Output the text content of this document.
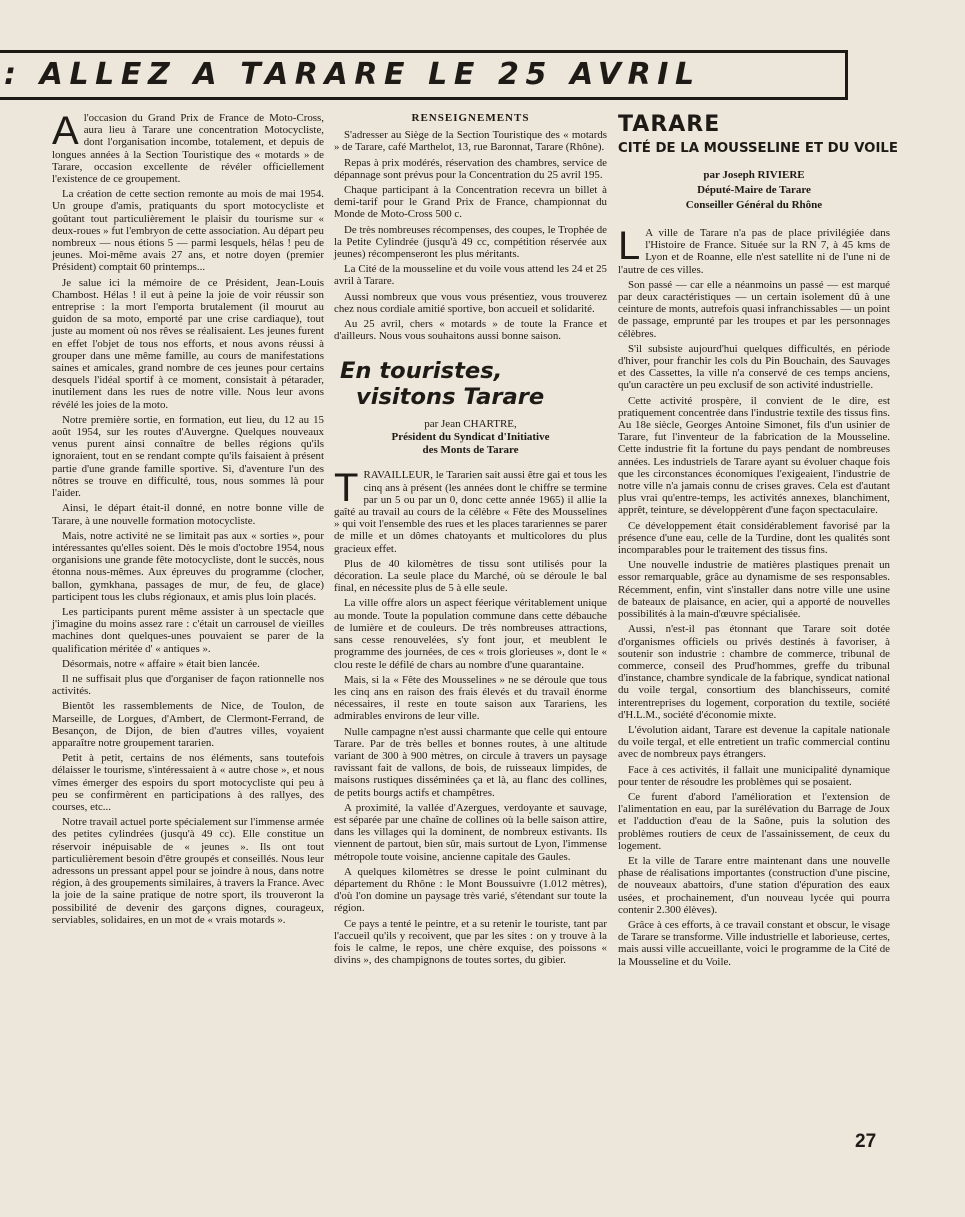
: ALLEZ A TARARE LE 25 AVRIL

Al'occasion du Grand Prix de France de Moto-Cross, aura lieu à Tarare une concentration Motocycliste, dont l'organisation incombe, totalement, et depuis de longues années à la Section Touristique des « motards » de Tarare, occasion excellente de révéler officiellement l'existence de ce groupement.

La création de cette section remonte au mois de mai 1954. Un groupe d'amis, pratiquants du sport motocycliste et goûtant tout particulièrement le plaisir du tourisme sur « deux-roues » fut l'embryon de cette association. Au départ peu nombreux — nous étions 5 — parmi lesquels, hélas ! peu de jeunes. Moi-même avais 27 ans, et notre doyen (premier Président) comptait 60 printemps...

Je salue ici la mémoire de ce Président, Jean-Louis Chambost. Hélas ! il eut à peine la joie de voir réussir son entreprise : la mort l'emporta brutalement (il mourut au guidon de sa moto, emporté par une crise cardiaque), tout juste au moment où nos rêves se réalisaient. Les jeunes furent en effet l'objet de tous nos efforts, et nous avons réussi à grouper dans une même famille, au cours de manifestations saines et amicales, grand nombre de ces jeunes pour certains desquels l'idéal sportif à ce moment, consistait à pétarader, inutilement dans les rues de notre ville. Nous leur avons révélé les joies de la moto.

Notre première sortie, en formation, eut lieu, du 12 au 15 août 1954, sur les routes d'Auvergne. Quelques nouveaux venus purent ainsi connaître de belles régions qu'ils ignoraient, tout en se rendant compte qu'ils faisaient à présent partie d'une grande famille sportive. Si, d'aventure l'un des nôtres se trouve en difficulté, tous, nous sommes là pour l'aider.

Ainsi, le départ était-il donné, en notre bonne ville de Tarare, à une nouvelle formation motocycliste.

Mais, notre activité ne se limitait pas aux « sorties », pour intéressantes qu'elles soient. Dès le mois d'octobre 1954, nous organisions une grande fête motocycliste, dont le succès, nous étonna nous-mêmes. Aux épreuves du programme (clocher, ballon, gymkhana, passages de mur, de feu, de glace) participent tous les clubs régionaux, et amis plus loin placés.

Les participants purent même assister à un spectacle que j'imagine du moins assez rare : c'était un carrousel de vieilles machines dont quelques-unes pouvaient se parer de la qualification méritée d' « antiques ».

Désormais, notre « affaire » était bien lancée.

Il ne suffisait plus que d'organiser de façon rationnelle nos activités.

Bientôt les rassemblements de Nice, de Toulon, de Marseille, de Lorgues, d'Ambert, de Clermont-Ferrand, de Besançon, de Dijon, de bien d'autres villes, voyaient apparaître notre groupement tararien.

Petit à petit, certains de nos éléments, sans toutefois délaisser le tourisme, s'intéressaient à « autre chose », et nous vîmes émerger des espoirs du sport motocycliste qui peu à peu se confirmèrent en participations à des rallyes, des courses, etc...

Notre travail actuel porte spécialement sur l'immense armée des petites cylindrées (jusqu'à 49 cc). Elle constitue un réservoir inépuisable de « jeunes ». Ils ont tout particulièrement besoin d'être groupés et conseillés. Nous leur adressons un pressant appel pour se joindre à nous, dans notre région, à des groupements similaires, à travers la France. Avec la joie de la saine pratique de notre sport, ils trouveront la possibilité de devenir des garçons dignes, courageux, serviables, solidaires, en un mot de « vrais motards ».

RENSEIGNEMENTS

S'adresser au Siège de la Section Touristique des « motards » de Tarare, café Marthelot, 13, rue Baronnat, Tarare (Rhône).

Repas à prix modérés, réservation des chambres, service de dépannage sont prévus pour la Concentration du 25 avril 195.

Chaque participant à la Concentration recevra un billet à demi-tarif pour le Grand Prix de France, championnat du Monde de Moto-Cross 500 c.

De très nombreuses récompenses, des coupes, le Trophée de la Petite Cylindrée (jusqu'à 49 cc, compétition réservée aux jeunes) récompenseront les plus méritants.

La Cité de la mousseline et du voile vous attend les 24 et 25 avril à Tarare.

Aussi nombreux que vous vous présentiez, vous trouverez chez nous cordiale amitié sportive, bon accueil et solidarité.

Au 25 avril, chers « motards » de toute la France et d'ailleurs. Nous vous souhaitons aussi bonne saison.

En touristes,
visitons Tarare
par Jean CHARTRE,
Président du Syndicat d'Initiative
des Monts de Tarare

TRAVAILLEUR, le Tararien sait aussi être gai et tous les cinq ans à présent (les années dont le chiffre se termine par un 5 ou par un 0, donc cette année 1965) il allie la gaîté au travail au cours de la célèbre « Fête des Mousselines » qui voit l'ensemble des rues et les places tarariennes se parer de mille et un dômes chatoyants et multicolores du plus gracieux effet.

Plus de 40 kilomètres de tissu sont utilisés pour la décoration. La seule place du Marché, où se déroule le bal final, en nécessite plus de 5 à elle seule.

La ville offre alors un aspect féerique véritablement unique au monde. Toute la population commune dans cette débauche de lumière et de couleurs. De très nombreuses attractions, sans cesse renouvelées, s'y font jour, et meublent le programme des journées, de ces « trois glorieuses », dont le « clou reste le défilé de chars au nombre d'une quarantaine.

Mais, si la « Fête des Mousselines » ne se déroule que tous les cinq ans en raison des frais élevés et du travail énorme nécessaires, il reste en toute saison aux Tarariens, les admirables environs de leur ville.

Nulle campagne n'est aussi charmante que celle qui entoure Tarare. Par de très belles et bonnes routes, à une altitude variant de 300 à 900 mètres, on circule à travers un paysage ravissant fait de vallons, de bois, de ruisseaux limpides, de maisons rustiques disséminées ça et là, au flanc des collines, de petits bourgs actifs et champêtres.

A proximité, la vallée d'Azergues, verdoyante et sauvage, est séparée par une chaîne de collines où la belle saison attire, dans les villages qui la dominent, de nombreux estivants. Ils viennent de partout, bien sûr, mais surtout de Lyon, l'immense métropole toute voisine, ancienne capitale des Gaules.

A quelques kilomètres se dresse le point culminant du département du Rhône : le Mont Boussuivre (1.012 mètres), d'où l'on domine un paysage très varié, s'étendant sur toute la région.

Ce pays a tenté le peintre, et a su retenir le touriste, tant par l'accueil qu'ils y recoivent, que par les sites : on y trouve à la fois le calme, le repos, une chère exquise, des poissons « divins », des champignons de toutes sortes, du gibier.

TARARE
CITÉ DE LA MOUSSELINE ET DU VOILE
par Joseph RIVIERE
Député-Maire de Tarare
Conseiller Général du Rhône

L A ville de Tarare n'a pas de place privilégiée dans l'Histoire de France. Située sur la RN 7, à 45 kms de Lyon et de Roanne, elle n'est satellite ni de l'une ni de l'autre de ces villes.

Son passé — car elle a néanmoins un passé — est marqué par deux caractéristiques — un certain isolement dû à une ceinture de monts, autrefois quasi infranchissables — un point de passage, emprunté par les troupes et par les personnages célèbres.

S'il subsiste aujourd'hui quelques difficultés, en période d'hiver, pour franchir les cols du Pin Bouchain, des Sauvages et des Cassettes, la ville n'a conservé de ces temps anciens, qu'un caractère un peu exclusif de son activité industrielle.

Cette activité prospère, il convient de le dire, est pratiquement concentrée dans l'industrie textile des tissus fins. Au 18e siècle, Georges Antoine Simonet, fils d'un usinier de Tarare, fut l'inventeur de la fabrication de la Mousseline. Cette industrie fit la fortune du pays pendant de nombreuses années. Les industriels de Tarare ayant su évoluer chaque fois que les circonstances économiques l'exigeaient, l'industrie de notre ville n'a jamais connu de crises graves. Cela est d'autant plus vrai qu'entre-temps, les activités annexes, blanchiment, apprêt, teinture, se développèrent d'une façon spectaculaire.

Ce développement était considérablement favorisé par la présence d'une eau, celle de la Turdine, dont les qualités sont incomparables pour le traitement des tissus fins.

Une nouvelle industrie de matières plastiques prenait un essor remarquable, grâce au dynamisme de ses responsables. Récemment, enfin, vint s'installer dans notre ville une usine de bateaux de plaisance, en acier, qui a apporté de nouvelles possibilités à la main-d'œuvre spécialisée.

Aussi, n'est-il pas étonnant que Tarare soit dotée d'organismes officiels ou privés destinés à favoriser, à soutenir son industrie : chambre de commerce, tribunal de commerce, conseil des Prud'hommes, greffe du tribunal d'instance, chambre syndicale de la fabrique, syndicat national du voile tergal, consortium des blanchisseurs, comité interentreprises du logement, corporation du textile, société d'H.L.M., société d'économie mixte.

L'évolution aidant, Tarare est devenue la capitale nationale du voile tergal, et elle entretient un trafic commercial continu avec de nombreux pays étrangers.

Face à ces activités, il fallait une municipalité dynamique pour tenter de résoudre les problèmes qui se posaient.

Ce furent d'abord l'amélioration et l'extension de l'alimentation en eau, par la surélévation du Barrage de Joux et l'adduction d'eau de la Saône, puis la solution des problèmes routiers de ceux de l'assainissement, de ceux du logement.

Et la ville de Tarare entre maintenant dans une nouvelle phase de réalisations importantes (construction d'une piscine, de nouveaux abattoirs, d'une station d'épuration des eaux usées, et prochainement, d'un nouveau lycée qui pourra contenir 2.300 élèves).

Grâce à ces efforts, à ce travail constant et obscur, le visage de Tarare se transforme. Ville industrielle et laborieuse, certes, mais aussi ville accueillante, voici le programme de la Cité de la Mousseline et du Voile.

27
